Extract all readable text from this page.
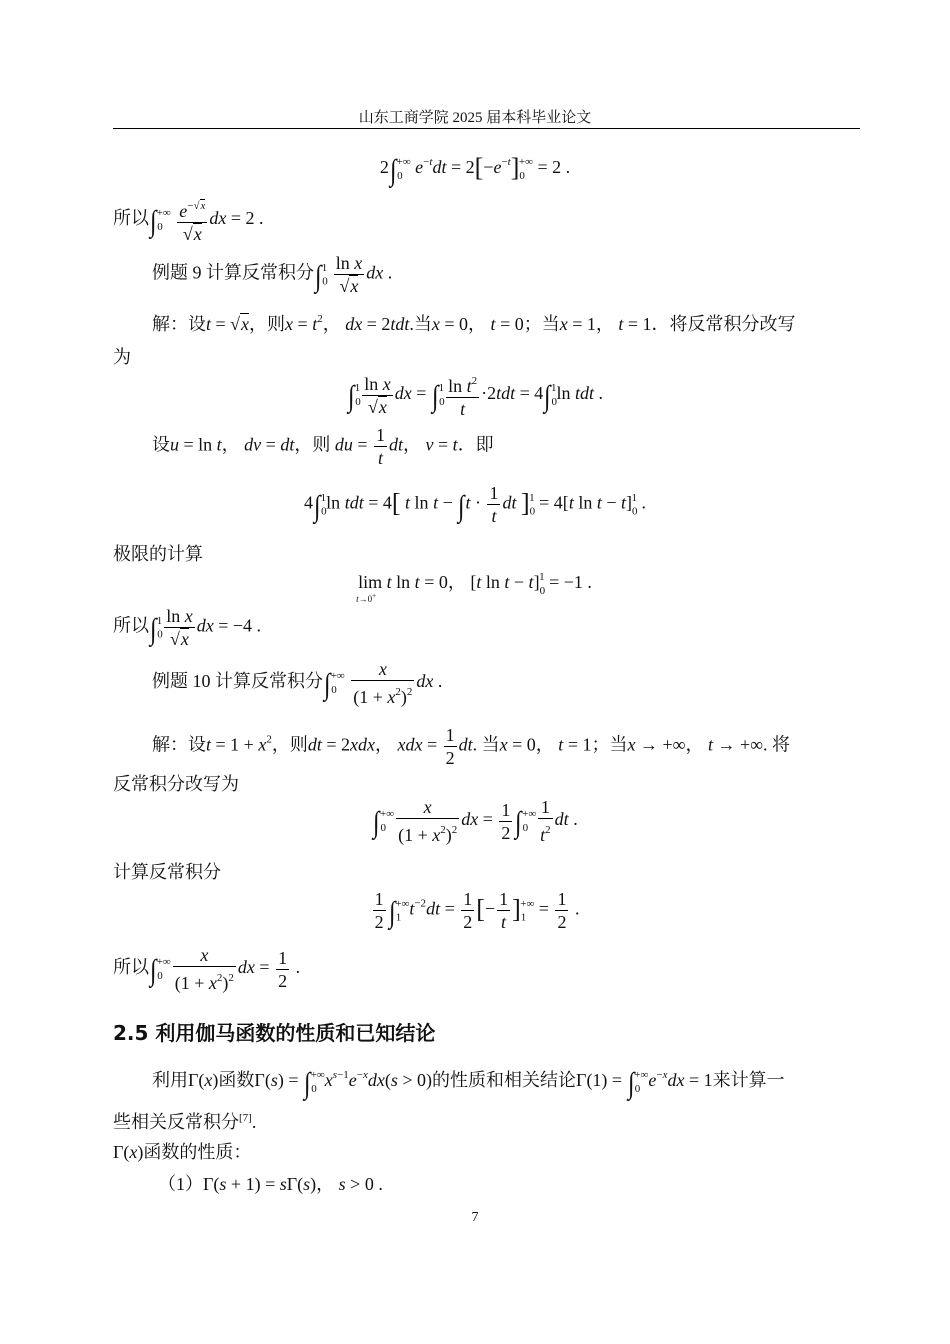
山东工商学院 2025 届本科毕业论文
$2\int_0^{+\infty}$ $e^{-t}dt = 2[-e^{-t}]_0^{+\infty} = 2$ .
所以$\int_0^{+\infty} \frac{e^{-√x}}{√x}$ dx = 2 .
例题 9 计算反常积分$\int_0^1 \frac{\text{ln x}}{√x}$ dx .
解：设t = √x，则$x = t^2$， dx = 2tdt.当x = 0， t = 0；当x = 1， t = 1．将反常积分改写
为
$\int_0^1 \frac{\text{ln x}}{√x}$ dx = $\int_0^1 \frac{\ln t^2}{t} \cdot 2tdt = 4\int_0^1\ln$ tdt .
设u = ln t， dv = dt，则 du = $\frac{1}{t}$ dt， v = t．即
$4\int_0^1\ln$ tdt = 4[ t $\ln t - \int t \cdot \frac{1}{t}$ dt ]$_0^1 = 4[t$ $\ln t - t]_0^1$ .
极限的计算
lim
t→0+
t ln t = 0， [t $\ln t - t]_0^1 = -1$ .
所以$\int_0^1 \frac{\text{ln x}}{√x}$ dx = −4 .
例题 10 计算反常积分$\int_0^{+\infty} \frac{x}{(1 + x^2)^2}$ dx .
解：设$t = 1 + x^2$，则dt = 2xdx， xdx = $\frac{1}{2}$ dt. 当x = 0， t = 1；当x → +∞， t → +∞. 将
反常积分改写为
$\int_0^{+\infty} \frac{x}{(1 + x^2)^2}$ dx = $\frac{1}{2} \int_0^{+\infty} \frac{1}{t^2}$ dt .
计算反常积分
$\frac{1}{2} \int_1^{+\infty}t^{-2}dt = \frac{1}{2}$ [− $\frac{1}{t} ]_1^{+\infty} = \frac{1}{2}$ .
所以$\int_0^{+\infty} \frac{x}{(1 + x^2)^2}$ dx = $\frac{1}{2}$ .
2.5 利用伽马函数的性质和已知结论
利用Γ(x)函数$\Gamma(s) = \int_0^{+\infty}x^{s-1}e^{-x}dx(s > 0)$的性质和相关结论$\Gamma(1) = \int_0^{+\infty}e^{-x}dx = 1$来计算一
些相关反常积分[7].
Γ(x)函数的性质：
（1）Γ(s + 1) = sΓ(s)， s > 0 .
7
